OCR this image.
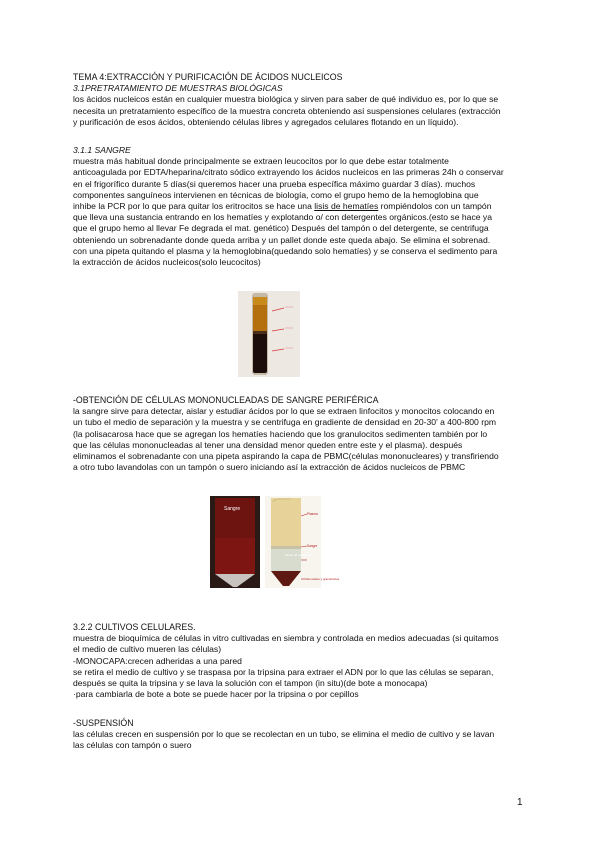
TEMA 4:EXTRACCIÓN Y PURIFICACIÓN DE ÁCIDOS NUCLEICOS
3.1PRETRATAMIENTO DE MUESTRAS BIOLÓGICAS
los ácidos nucleicos están en cualquier muestra biológica y sirven para saber de qué individuo es, por lo que se
necesita un pretratamiento específico de la muestra concreta obteniendo así suspensiones celulares (extracción
y purificación de esos ácidos, obteniendo células libres y agregados celulares flotando en un líquido).
3.1.1 SANGRE
muestra más habitual donde principalmente se extraen leucocitos por lo que debe estar totalmente
anticoagulada por EDTA/heparina/citrato sódico extrayendo los ácidos nucleicos en las primeras 24h o conservar
en el frigorífico durante 5 días(si queremos hacer una prueba específica máximo guardar 3 días). muchos
componentes sanguíneos intervienen en técnicas de biología, como el grupo hemo de la hemoglobina que
inhibe la PCR por lo que para quitar los eritrocitos se hace una lisis de hematíes rompiéndolos con un tampón
que lleva una sustancia entrando en los hematíes y explotando o/ con detergentes orgánicos.(esto se hace ya
que el grupo hemo al llevar Fe degrada el mat. genético) Después del tampón o del detergente, se centrifuga
obteniendo un sobrenadante donde queda arriba y un pallet donde este queda abajo. Se elimina el sobrenad.
con una pipeta quitando el plasma y la hemoglobina(quedando solo hematíes) y se conserva el sedimento para
la extracción de ácidos nucleicos(solo leucocitos)
-OBTENCIÓN DE CÉLULAS MONONUCLEADAS DE SANGRE PERIFÉRICA
la sangre sirve para detectar, aislar y estudiar ácidos por lo que se extraen linfocitos y monocitos colocando en
un tubo el medio de separación y la muestra y se centrifuga en gradiente de densidad en 20-30' a 400-800 rpm
(la polisacarosa hace que se agregan los hematíes haciendo que los granulocitos sedimenten también por lo
que las células mononucleadas al tener una densidad menor queden entre este y el plasma). después
eliminamos el sobrenadante con una pipeta aspirando la capa de PBMC(células mononucleares) y transfiriendo
a otro tubo lavandolas con un tampón o suero iniciando así la extracción de ácidos nucleicos de PBMC
Sangre
Plasma
Sangre
Medio de separación
Hematíes y granulocitos
3.2.2 CULTIVOS CELULARES.
muestra de bioquímica de células in vitro cultivadas en siembra y controlada en medios adecuadas (si quitamos
el medio de cultivo mueren las células)
-MONOCAPA:crecen adheridas a una pared
se retira el medio de cultivo y se traspasa por la tripsina para extraer el ADN por lo que las células se separan,
después se quita la tripsina y se lava la solución con el tampon (in situ)(de bote a monocapa)
·para cambiarla de bote a bote se puede hacer por la tripsina o por cepillos
-SUSPENSIÓN
las células crecen en suspensión por lo que se recolectan en un tubo, se elimina el medio de cultivo y se lavan
las células con tampón o suero
1
